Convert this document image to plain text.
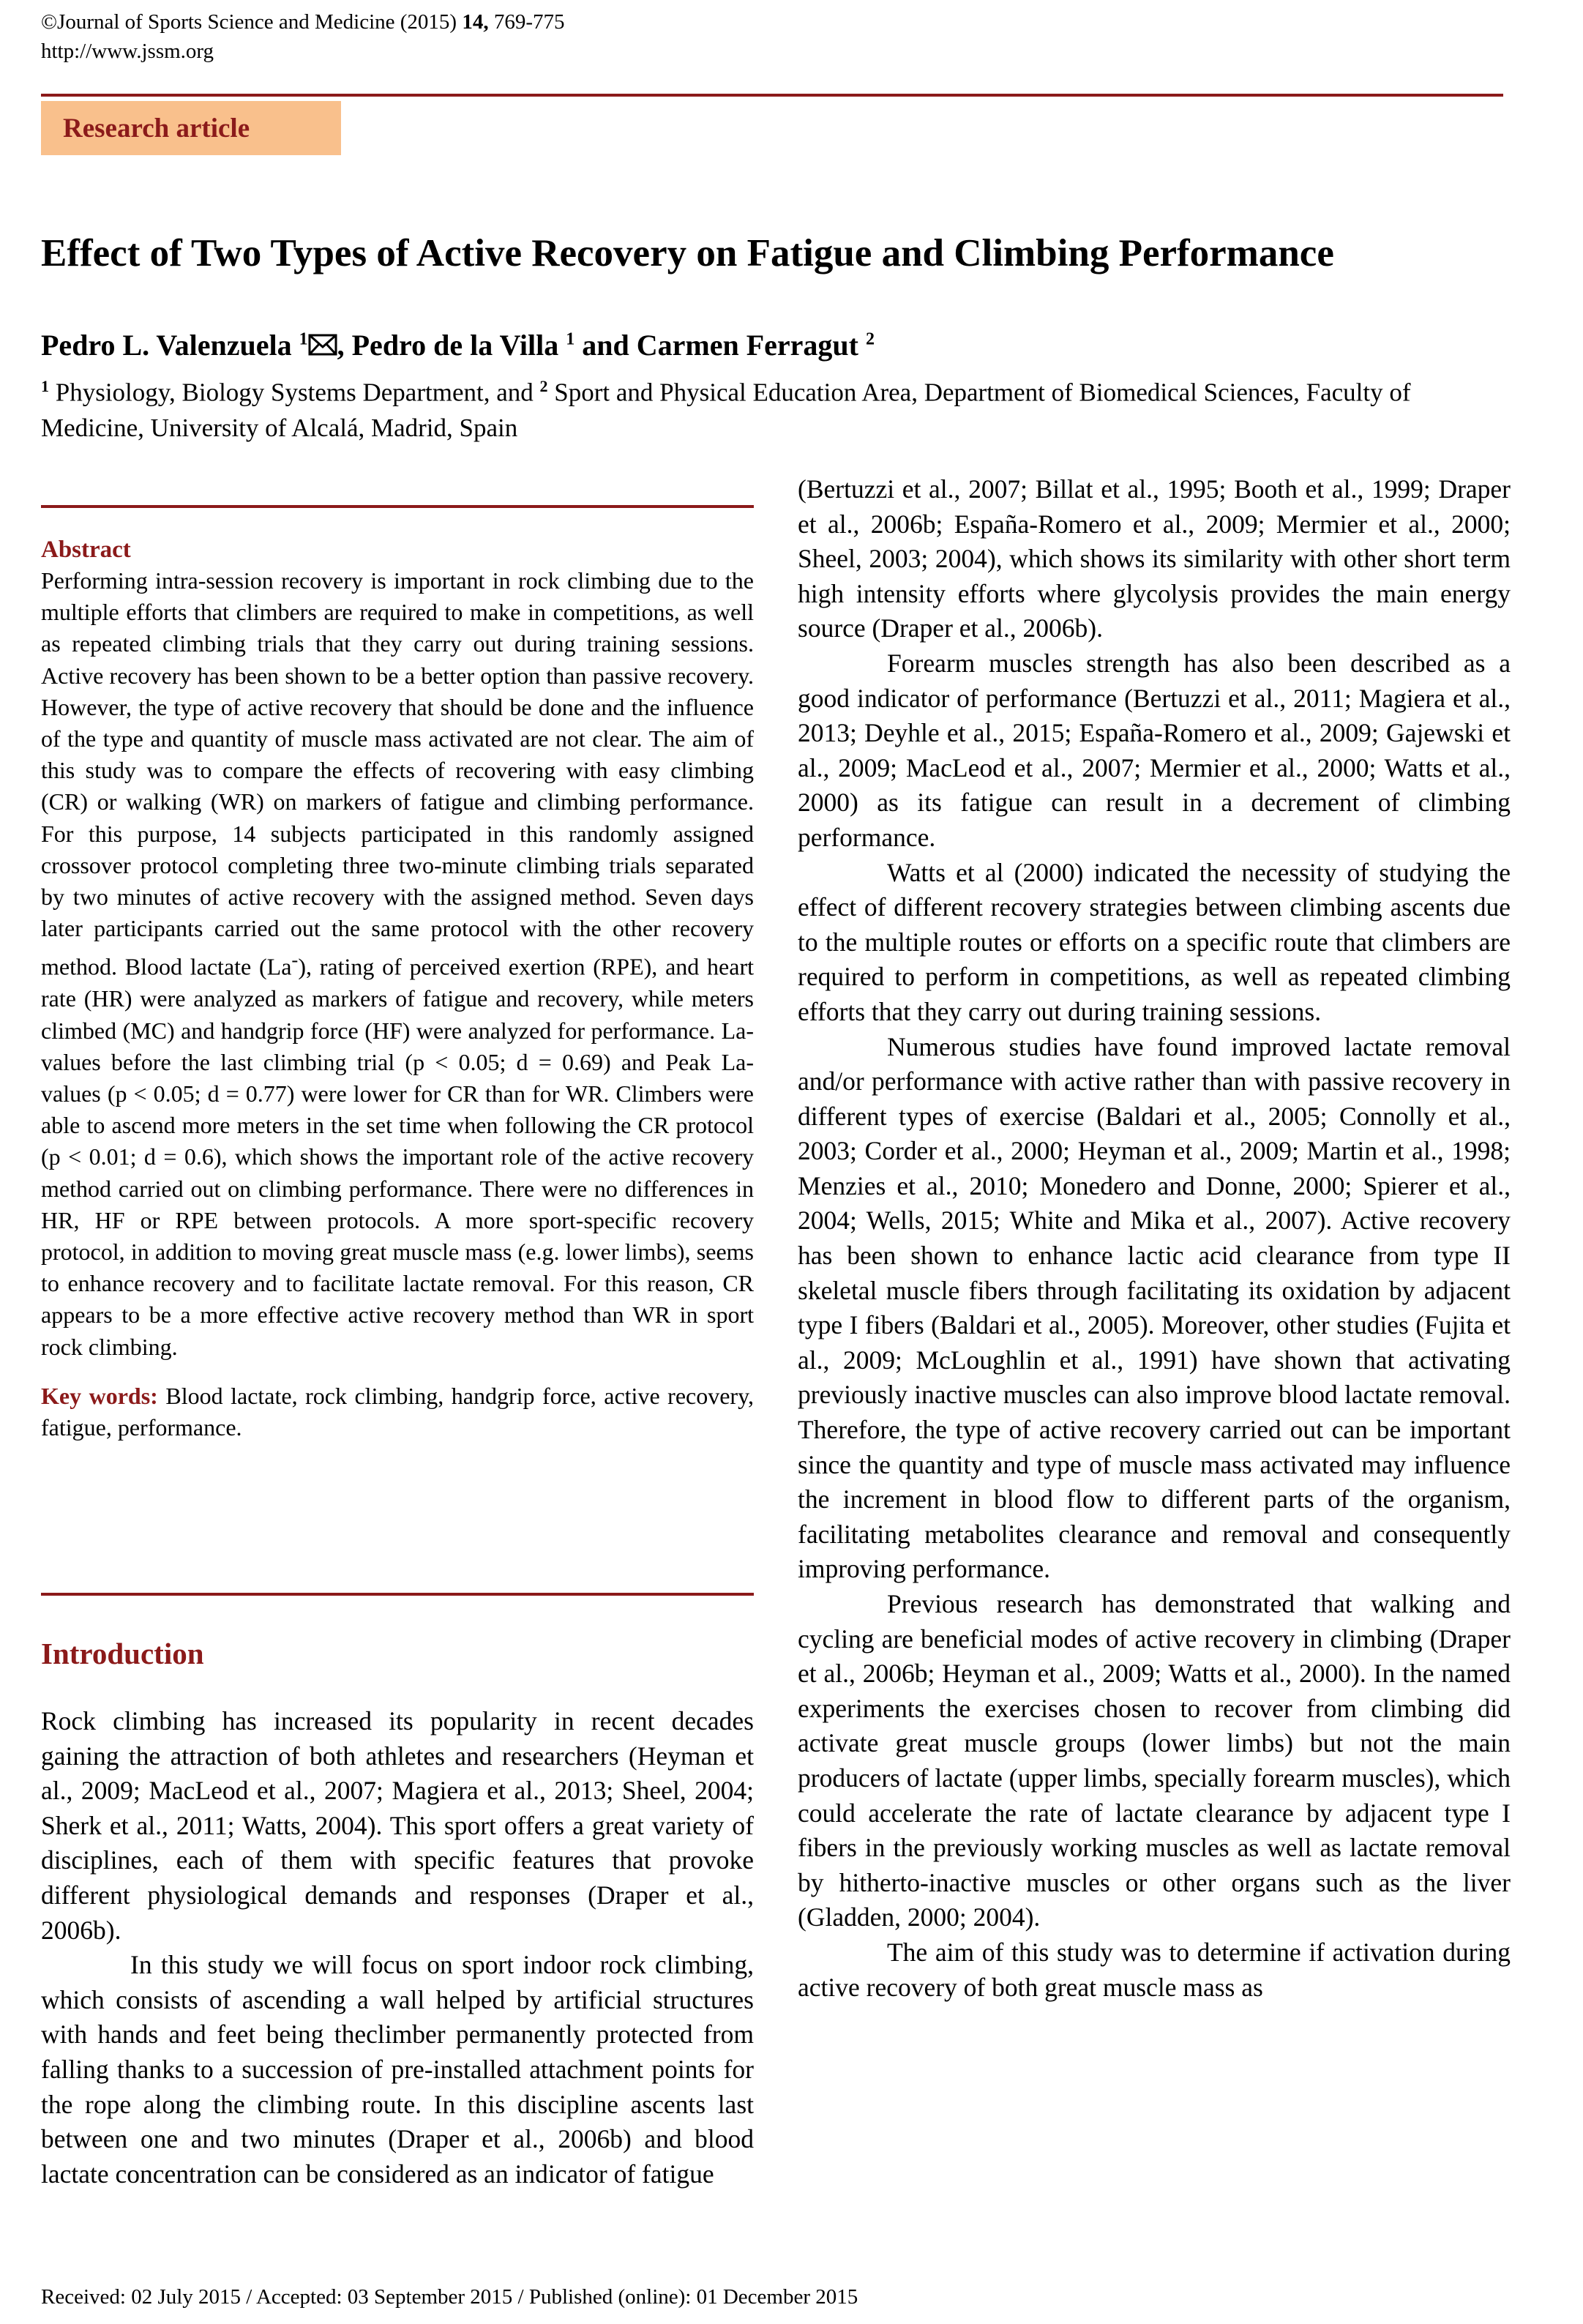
©Journal of Sports Science and Medicine (2015) 14, 769-775
http://www.jssm.org
Research article
Effect of Two Types of Active Recovery on Fatigue and Climbing Performance
Pedro L. Valenzuela $^1$ , Pedro de la Villa $^1$ and Carmen Ferragut $^2$
$^1$ Physiology, Biology Systems Department, and $^2$ Sport and Physical Education Area, Department of Biomedical Sciences, Faculty of Medicine, University of Alcalá, Madrid, Spain
Abstract
Performing intra-session recovery is important in rock climbing due to the multiple efforts that climbers are required to make in competitions, as well as repeated climbing trials that they carry out during training sessions. Active recovery has been shown to be a better option than passive recovery. However, the type of active recovery that should be done and the influence of the type and quantity of muscle mass activated are not clear. The aim of this study was to compare the effects of recovering with easy climbing (CR) or walking (WR) on markers of fatigue and climbing performance. For this purpose, 14 subjects participated in this randomly assigned crossover protocol completing three two-minute climbing trials separated by two minutes of active recovery with the assigned method. Seven days later participants carried out the same protocol with the other recovery method. Blood lactate (La-), rating of perceived exertion (RPE), and heart rate (HR) were analyzed as markers of fatigue and recovery, while meters climbed (MC) and handgrip force (HF) were analyzed for performance. La- values before the last climbing trial (p < 0.05; d = 0.69) and Peak La- values (p < 0.05; d = 0.77) were lower for CR than for WR. Climbers were able to ascend more meters in the set time when following the CR protocol (p < 0.01; d = 0.6), which shows the important role of the active recovery method carried out on climbing performance. There were no differences in HR, HF or RPE between protocols. A more sport-specific recovery protocol, in addition to moving great muscle mass (e.g. lower limbs), seems to enhance recovery and to facilitate lactate removal. For this reason, CR appears to be a more effective active recovery method than WR in sport rock climbing.
Key words: Blood lactate, rock climbing, handgrip force, active recovery, fatigue, performance.
Introduction

Rock climbing has increased its popularity in recent decades gaining the attraction of both athletes and researchers (Heyman et al., 2009; MacLeod et al., 2007; Magiera et al., 2013; Sheel, 2004; Sherk et al., 2011; Watts, 2004). This sport offers a great variety of disciplines, each of them with specific features that provoke different physiological demands and responses (Draper et al., 2006b).

In this study we will focus on sport indoor rock climbing, which consists of ascending a wall helped by artificial structures with hands and feet being theclimber permanently protected from falling thanks to a succession of pre-installed attachment points for the rope along the climbing route. In this discipline ascents last between one and two minutes (Draper et al., 2006b) and blood lactate concentration can be considered as an indicator of fatigue

(Bertuzzi et al., 2007; Billat et al., 1995; Booth et al., 1999; Draper et al., 2006b; España-Romero et al., 2009; Mermier et al., 2000; Sheel, 2003; 2004), which shows its similarity with other short term high intensity efforts where glycolysis provides the main energy source (Draper et al., 2006b).

Forearm muscles strength has also been described as a good indicator of performance (Bertuzzi et al., 2011; Magiera et al., 2013; Deyhle et al., 2015; España-Romero et al., 2009; Gajewski et al., 2009; MacLeod et al., 2007; Mermier et al., 2000; Watts et al., 2000) as its fatigue can result in a decrement of climbing performance.

Watts et al (2000) indicated the necessity of studying the effect of different recovery strategies between climbing ascents due to the multiple routes or efforts on a specific route that climbers are required to perform in competitions, as well as repeated climbing efforts that they carry out during training sessions.

Numerous studies have found improved lactate removal and/or performance with active rather than with passive recovery in different types of exercise (Baldari et al., 2005; Connolly et al., 2003; Corder et al., 2000; Heyman et al., 2009; Martin et al., 1998; Menzies et al., 2010; Monedero and Donne, 2000; Spierer et al., 2004; Wells, 2015; White and Mika et al., 2007). Active recovery has been shown to enhance lactic acid clearance from type II skeletal muscle fibers through facilitating its oxidation by adjacent type I fibers (Baldari et al., 2005). Moreover, other studies (Fujita et al., 2009; McLoughlin et al., 1991) have shown that activating previously inactive muscles can also improve blood lactate removal. Therefore, the type of active recovery carried out can be important since the quantity and type of muscle mass activated may influence the increment in blood flow to different parts of the organism, facilitating metabolites clearance and removal and consequently improving performance.

Previous research has demonstrated that walking and cycling are beneficial modes of active recovery in climbing (Draper et al., 2006b; Heyman et al., 2009; Watts et al., 2000). In the named experiments the exercises chosen to recover from climbing did activate great muscle groups (lower limbs) but not the main producers of lactate (upper limbs, specially forearm muscles), which could accelerate the rate of lactate clearance by adjacent type I fibers in the previously working muscles as well as lactate removal by hitherto-inactive muscles or other organs such as the liver (Gladden, 2000; 2004).

The aim of this study was to determine if activation during active recovery of both great muscle mass as

Received: 02 July 2015 / Accepted: 03 September 2015 / Published (online): 01 December 2015
